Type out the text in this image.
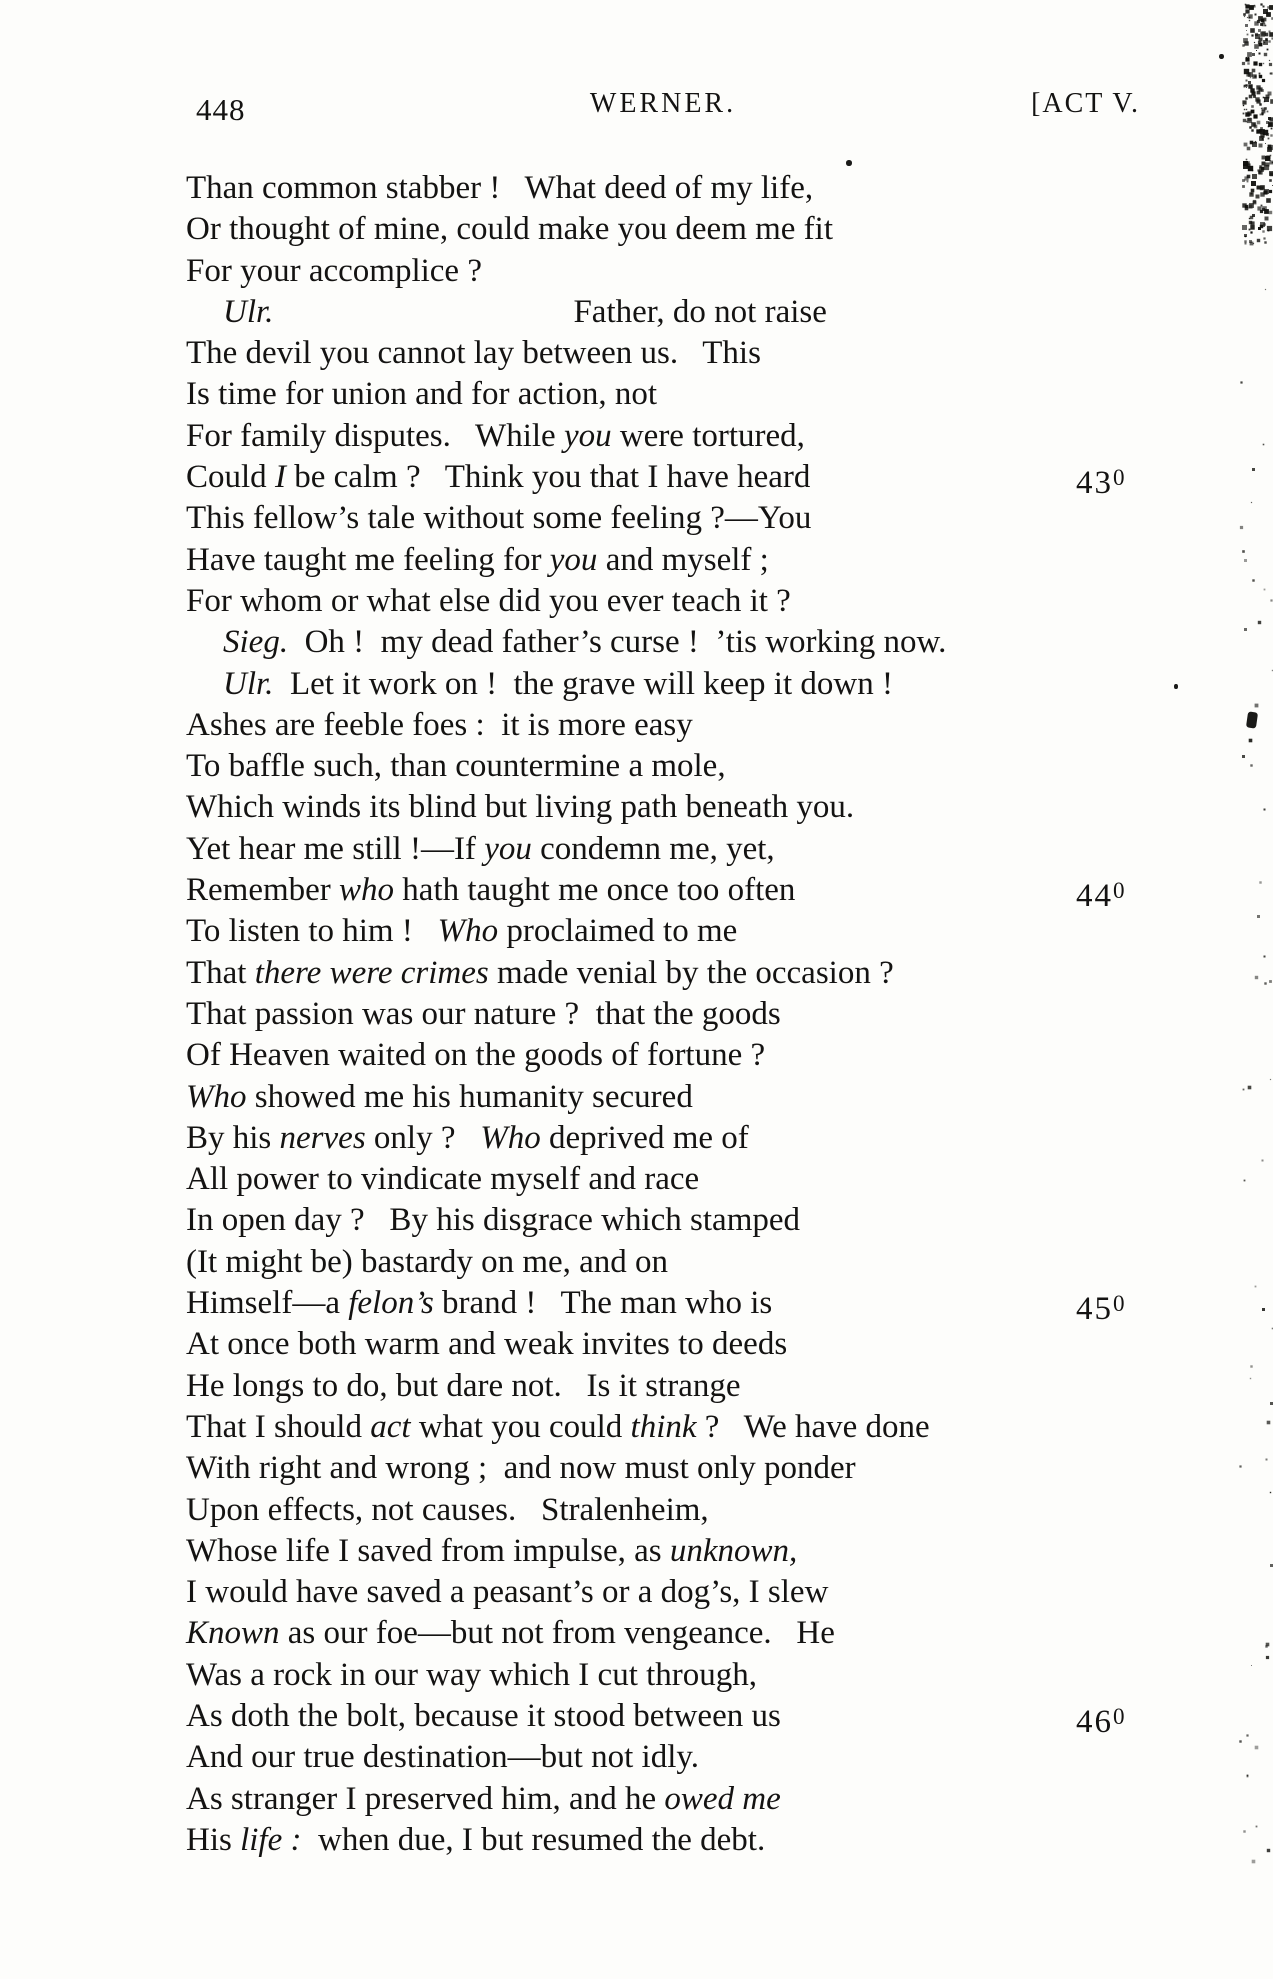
448

	WERNER.

	[ACT V.

Than common stabber !   What deed of my life,
Or thought of mine, could make you deem me fit
For your accomplice ?
Ulr.	Father, do not raise
The devil you cannot lay between us.   This
Is time for union and for action, not
For family disputes.   While you were tortured,
Could I be calm ?   Think you that I have heard	$43^0$
This fellow’s tale without some feeling ?—You
Have taught me feeling for you and myself ;
For whom or what else did you ever teach it ?
Sieg.  Oh !  my dead father’s curse !  ’tis working now.
Ulr.  Let it work on !  the grave will keep it down !
Ashes are feeble foes :  it is more easy
To baffle such, than countermine a mole,
Which winds its blind but living path beneath you.
Yet hear me still !—If you condemn me, yet,
Remember who hath taught me once too often	$44^0$
To listen to him !   Who proclaimed to me
That there were crimes made venial by the occasion ?
That passion was our nature ?  that the goods
Of Heaven waited on the goods of fortune ?
Who showed me his humanity secured
By his nerves only ?   Who deprived me of
All power to vindicate myself and race
In open day ?   By his disgrace which stamped
(It might be) bastardy on me, and on
Himself—a felon’s brand !   The man who is	$45^0$
At once both warm and weak invites to deeds
He longs to do, but dare not.   Is it strange
That I should act what you could think ?   We have done
With right and wrong ;  and now must only ponder
Upon effects, not causes.   Stralenheim,
Whose life I saved from impulse, as unknown,
I would have saved a peasant’s or a dog’s, I slew
Known as our foe—but not from vengeance.   He
Was a rock in our way which I cut through,
As doth the bolt, because it stood between us	$46^0$
And our true destination—but not idly.
As stranger I preserved him, and he owed me
His life :  when due, I but resumed the debt.
